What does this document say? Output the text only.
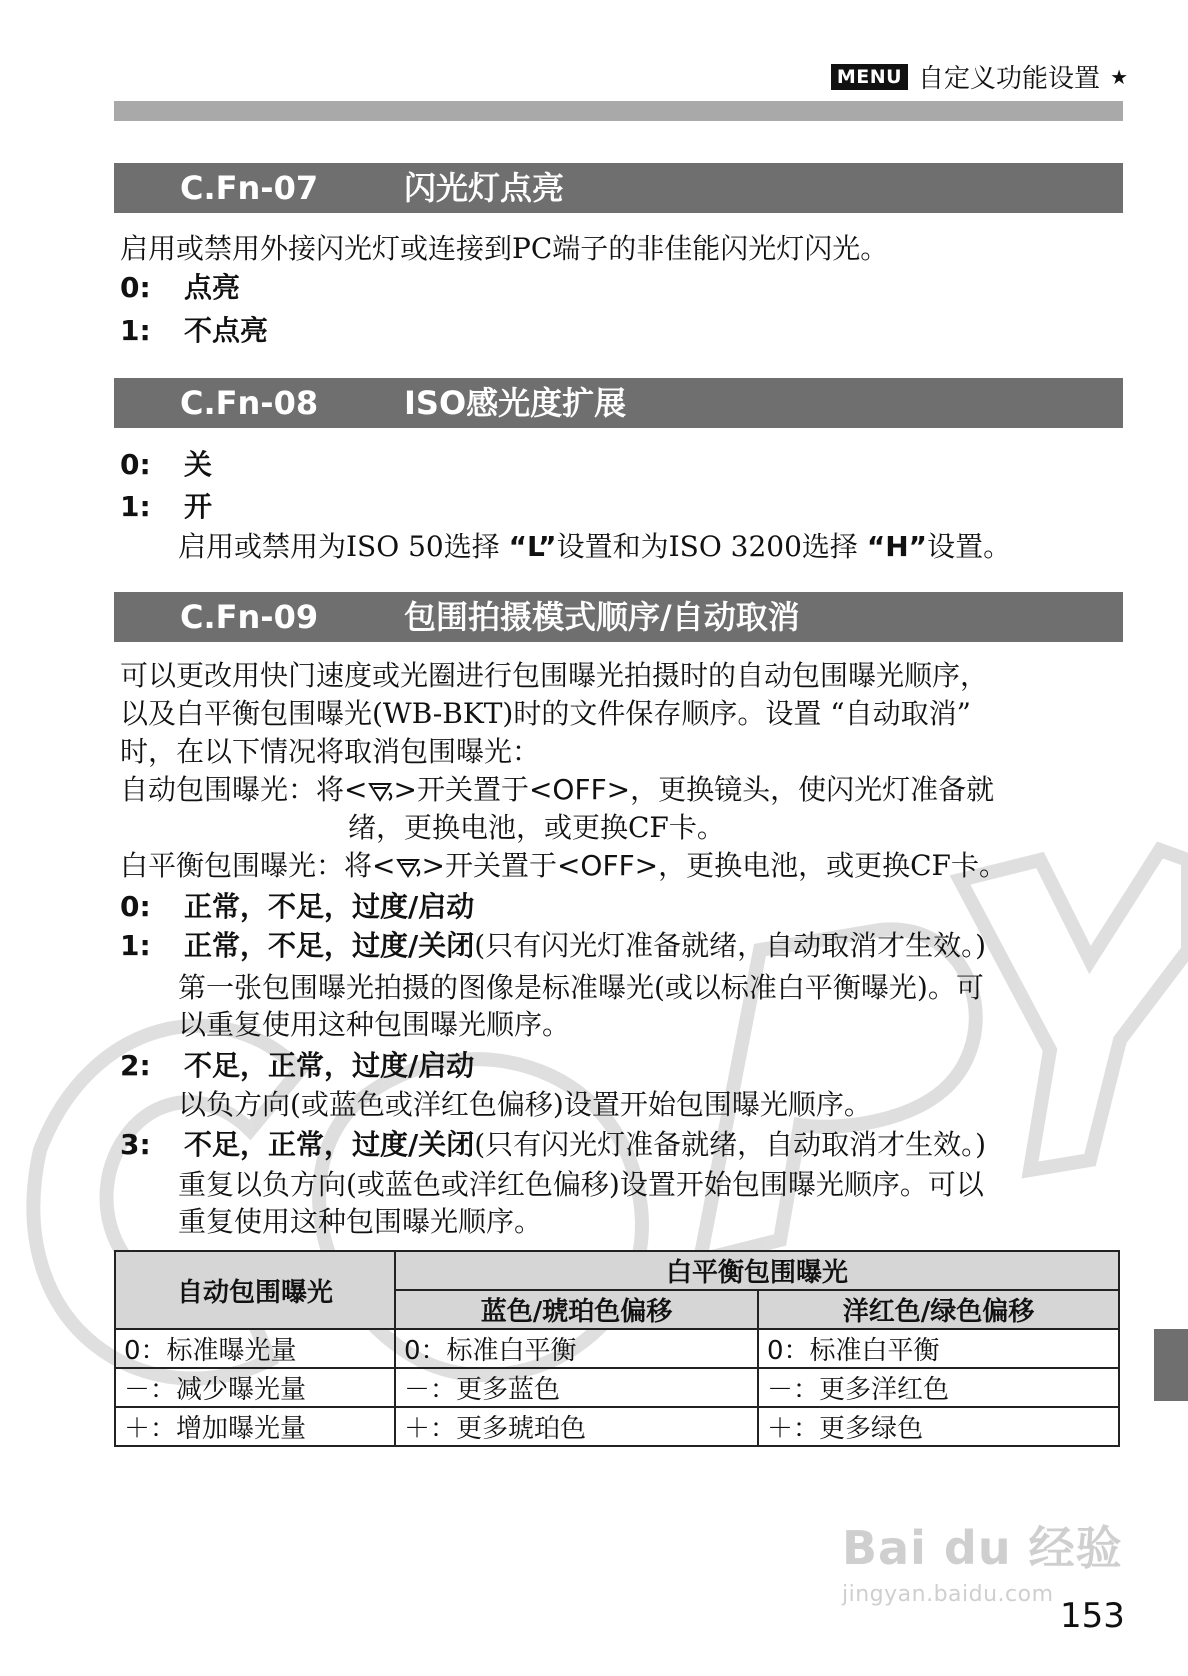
MENU 自定义功能设置 ★
C.Fn-07	闪光灯点亮
启用或禁用外接闪光灯或连接到PC端子的非佳能闪光灯闪光。
0: 点亮
1: 不点亮
C.Fn-08	ISO感光度扩展
0: 关
1: 开
启用或禁用为ISO 50选择 “L”设置和为ISO 3200选择 “H”设置。
C.Fn-09	包围拍摄模式顺序/自动取消
可以更改用快门速度或光圈进行包围曝光拍摄时的自动包围曝光顺序，
以及白平衡包围曝光(WB-BKT)时的文件保存顺序。设置 “自动取消”
时，在以下情况将取消包围曝光：
自动包围曝光：将< >开关置于<OFF>，更换镜头，使闪光灯准备就
绪，更换电池，或更换CF卡。
白平衡包围曝光：将< >开关置于<OFF>，更换电池，或更换CF卡。
0: 正常，不足，过度/启动
1: 正常，不足，过度/关闭(只有闪光灯准备就绪，自动取消才生效。)
第一张包围曝光拍摄的图像是标准曝光(或以标准白平衡曝光)。可
以重复使用这种包围曝光顺序。
2: 不足，正常，过度/启动
以负方向(或蓝色或洋红色偏移)设置开始包围曝光顺序。
3: 不足，正常，过度/关闭(只有闪光灯准备就绪，自动取消才生效。)
重复以负方向(或蓝色或洋红色偏移)设置开始包围曝光顺序。可以
重复使用这种包围曝光顺序。
自动包围曝光	白平衡包围曝光	
	蓝色/琥珀色偏移	洋红色/绿色偏移
0：标准曝光量	0：标准白平衡	0：标准白平衡
－：减少曝光量	－：更多蓝色	－：更多洋红色
＋：增加曝光量	＋：更多琥珀色	＋：更多绿色
Bai du 经验
jingyan.baidu.com
153
